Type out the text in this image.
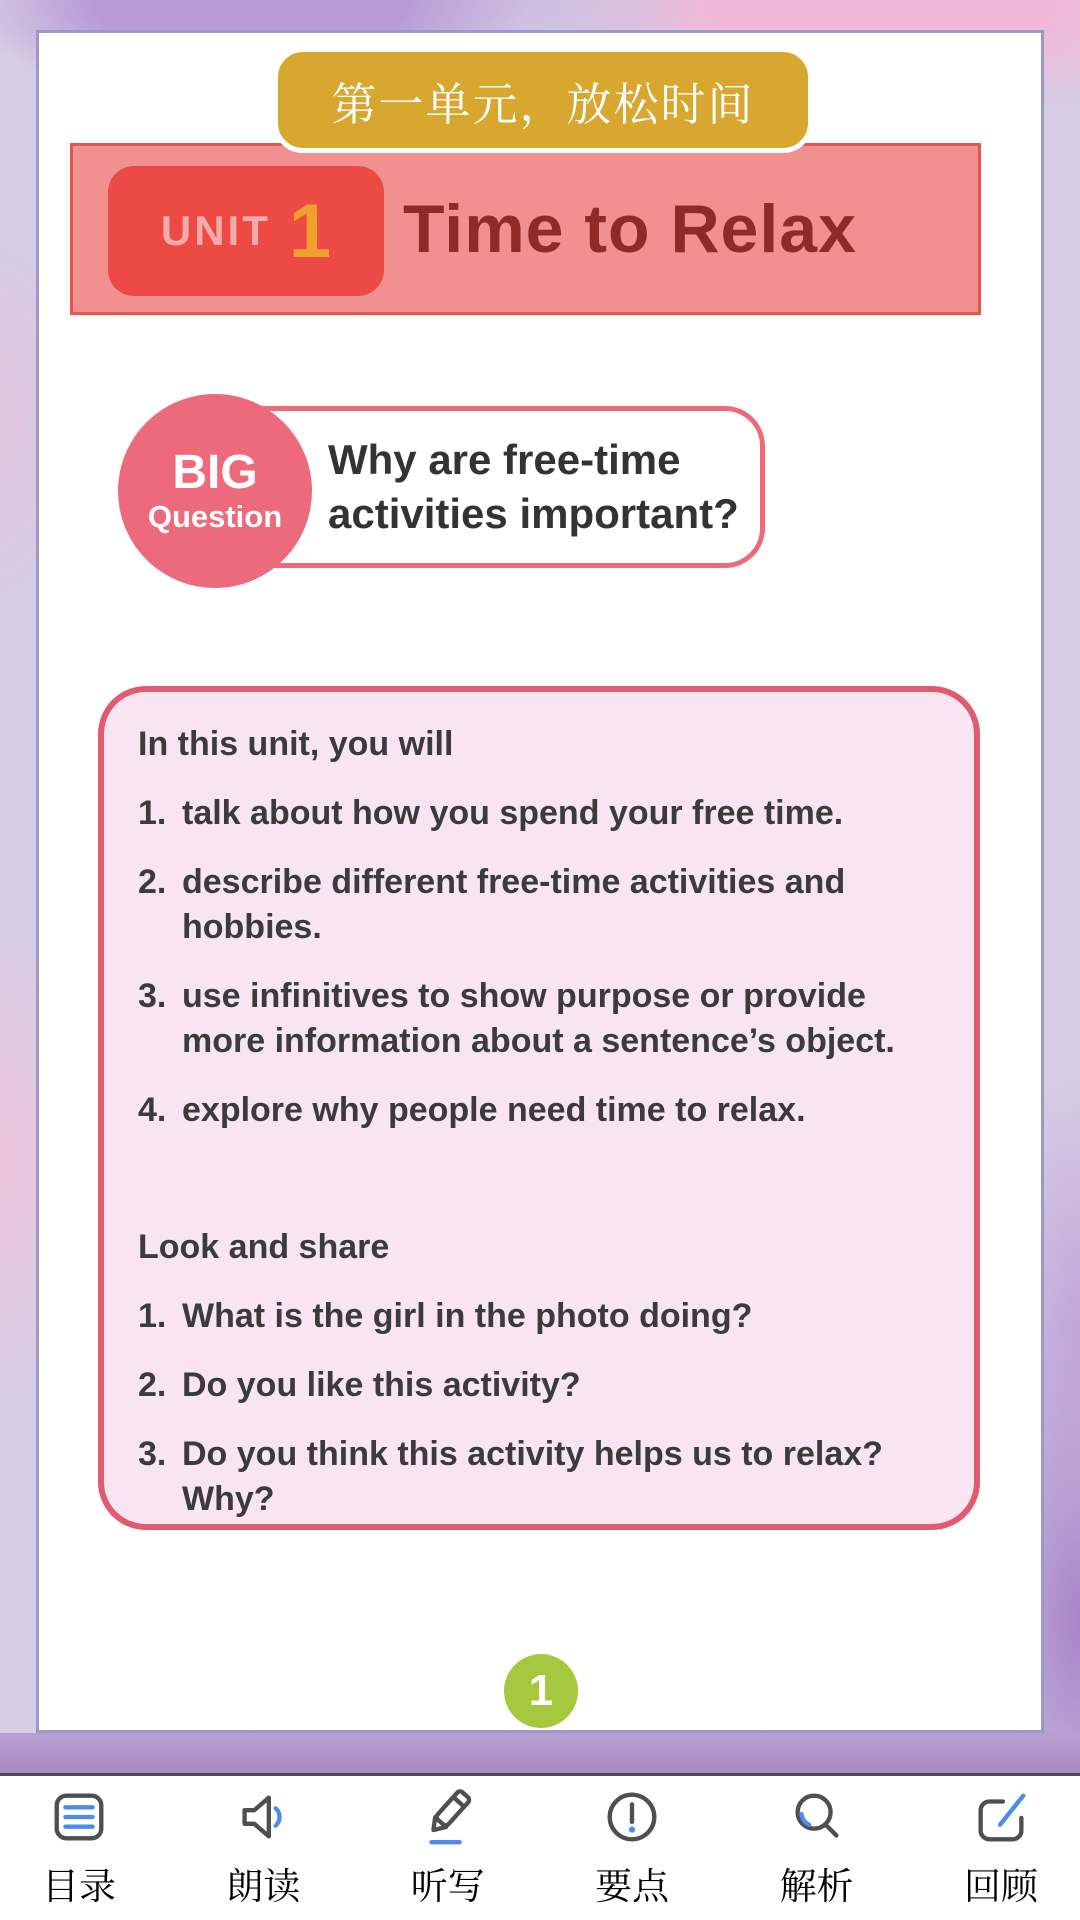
第一单元，放松时间
UNIT 1 Time to Relax
Why are free-time
activities important?
BIG
Question
In this unit, you will
1. talk about how you spend your free time.
2. describe different free-time activities and
hobbies.
3. use infinitives to show purpose or provide
more information about a sentence’s object.
4. explore why people need time to relax.
Look and share
1. What is the girl in the photo doing?
2. Do you like this activity?
3. Do you think this activity helps us to relax?
Why?
1
目录	朗读	听写	要点	解析	回顾
